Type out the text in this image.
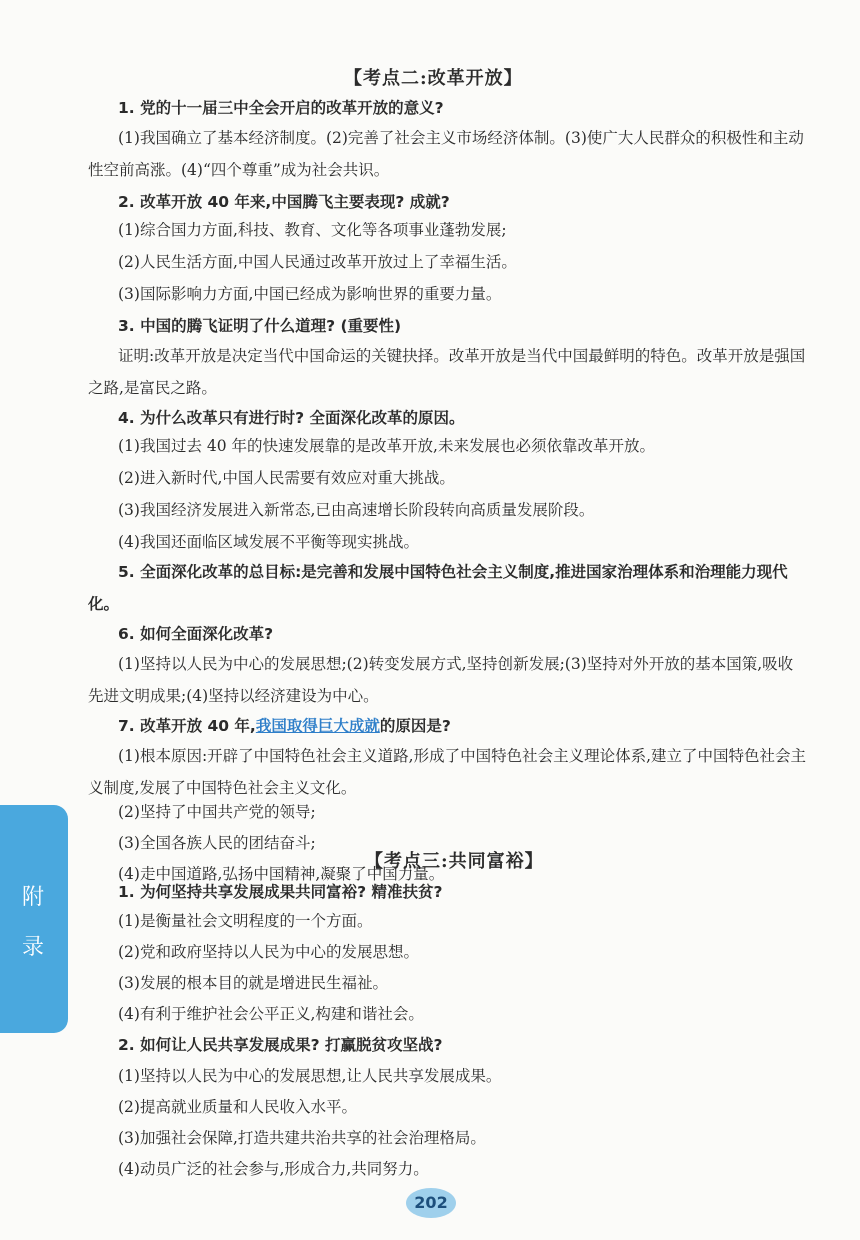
【考点二:改革开放】
1. 党的十一届三中全会开启的改革开放的意义?
(1)我国确立了基本经济制度。(2)完善了社会主义市场经济体制。(3)使广大人民群众的积极性和主动性空前高涨。(4)“四个尊重”成为社会共识。
2. 改革开放 40 年来,中国腾飞主要表现? 成就?
(1)综合国力方面,科技、教育、文化等各项事业蓬勃发展;
(2)人民生活方面,中国人民通过改革开放过上了幸福生活。
(3)国际影响力方面,中国已经成为影响世界的重要力量。
3. 中国的腾飞证明了什么道理? (重要性)
证明:改革开放是决定当代中国命运的关键抉择。改革开放是当代中国最鲜明的特色。改革开放是强国之路,是富民之路。
4. 为什么改革只有进行时? 全面深化改革的原因。
(1)我国过去 40 年的快速发展靠的是改革开放,未来发展也必须依靠改革开放。
(2)进入新时代,中国人民需要有效应对重大挑战。
(3)我国经济发展进入新常态,已由高速增长阶段转向高质量发展阶段。
(4)我国还面临区域发展不平衡等现实挑战。
5. 全面深化改革的总目标:是完善和发展中国特色社会主义制度,推进国家治理体系和治理能力现代化。
6. 如何全面深化改革?
(1)坚持以人民为中心的发展思想;(2)转变发展方式,坚持创新发展;(3)坚持对外开放的基本国策,吸收先进文明成果;(4)坚持以经济建设为中心。
7. 改革开放 40 年,我国取得巨大成就的原因是?
(1)根本原因:开辟了中国特色社会主义道路,形成了中国特色社会主义理论体系,建立了中国特色社会主义制度,发展了中国特色社会主义文化。
(2)坚持了中国共产党的领导;
(3)全国各族人民的团结奋斗;
(4)走中国道路,弘扬中国精神,凝聚了中国力量。
【考点三:共同富裕】
1. 为何坚持共享发展成果共同富裕? 精准扶贫?
(1)是衡量社会文明程度的一个方面。
(2)党和政府坚持以人民为中心的发展思想。
(3)发展的根本目的就是增进民生福祉。
(4)有利于维护社会公平正义,构建和谐社会。
2. 如何让人民共享发展成果? 打赢脱贫攻坚战?
(1)坚持以人民为中心的发展思想,让人民共享发展成果。
(2)提高就业质量和人民收入水平。
(3)加强社会保障,打造共建共治共享的社会治理格局。
(4)动员广泛的社会参与,形成合力,共同努力。
附
录
202
